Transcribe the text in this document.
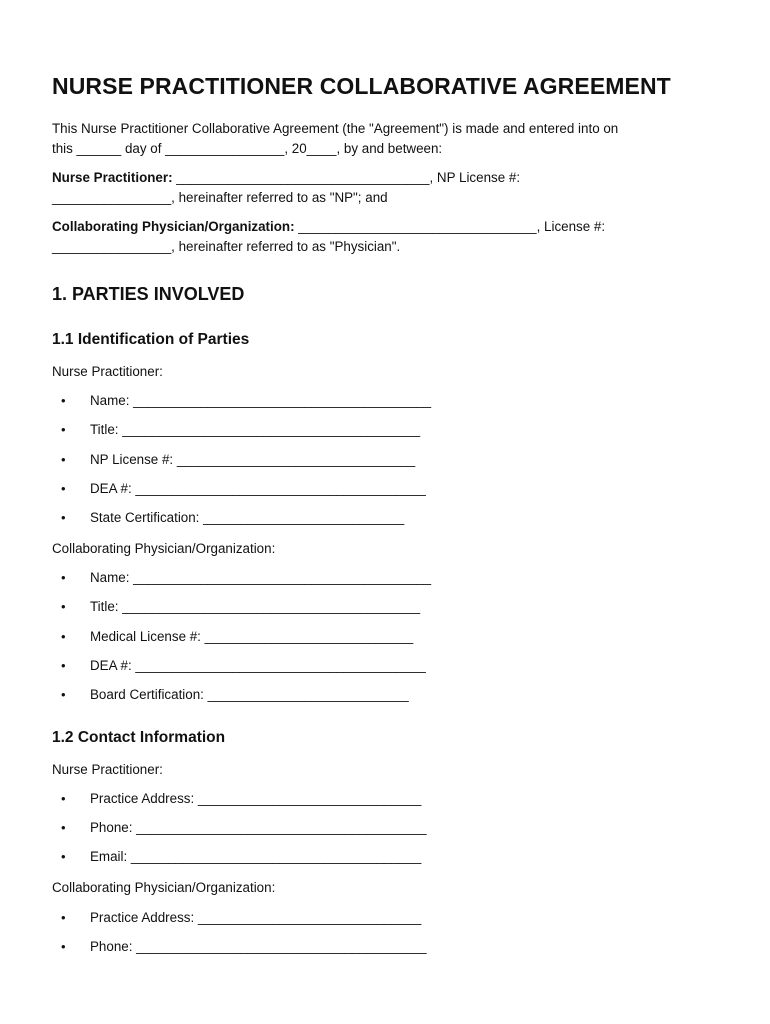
NURSE PRACTITIONER COLLABORATIVE AGREEMENT

This Nurse Practitioner Collaborative Agreement (the "Agreement") is made and entered into on
this ______ day of ________________, 20____, by and between:

Nurse Practitioner: __________________________________, NP License #:
________________, hereinafter referred to as "NP"; and

Collaborating Physician/Organization: ________________________________, License #:
________________, hereinafter referred to as "Physician".

1. PARTIES INVOLVED
1.1 Identification of Parties
Nurse Practitioner:
• Name: ________________________________________
• Title: ________________________________________
• NP License #: ________________________________
• DEA #: _______________________________________
• State Certification: ___________________________
Collaborating Physician/Organization:
• Name: ________________________________________
• Title: ________________________________________
• Medical License #: ____________________________
• DEA #: _______________________________________
• Board Certification: ___________________________
1.2 Contact Information
Nurse Practitioner:
• Practice Address: ______________________________
• Phone: _______________________________________
• Email: _______________________________________
Collaborating Physician/Organization:
• Practice Address: ______________________________
• Phone: _______________________________________
